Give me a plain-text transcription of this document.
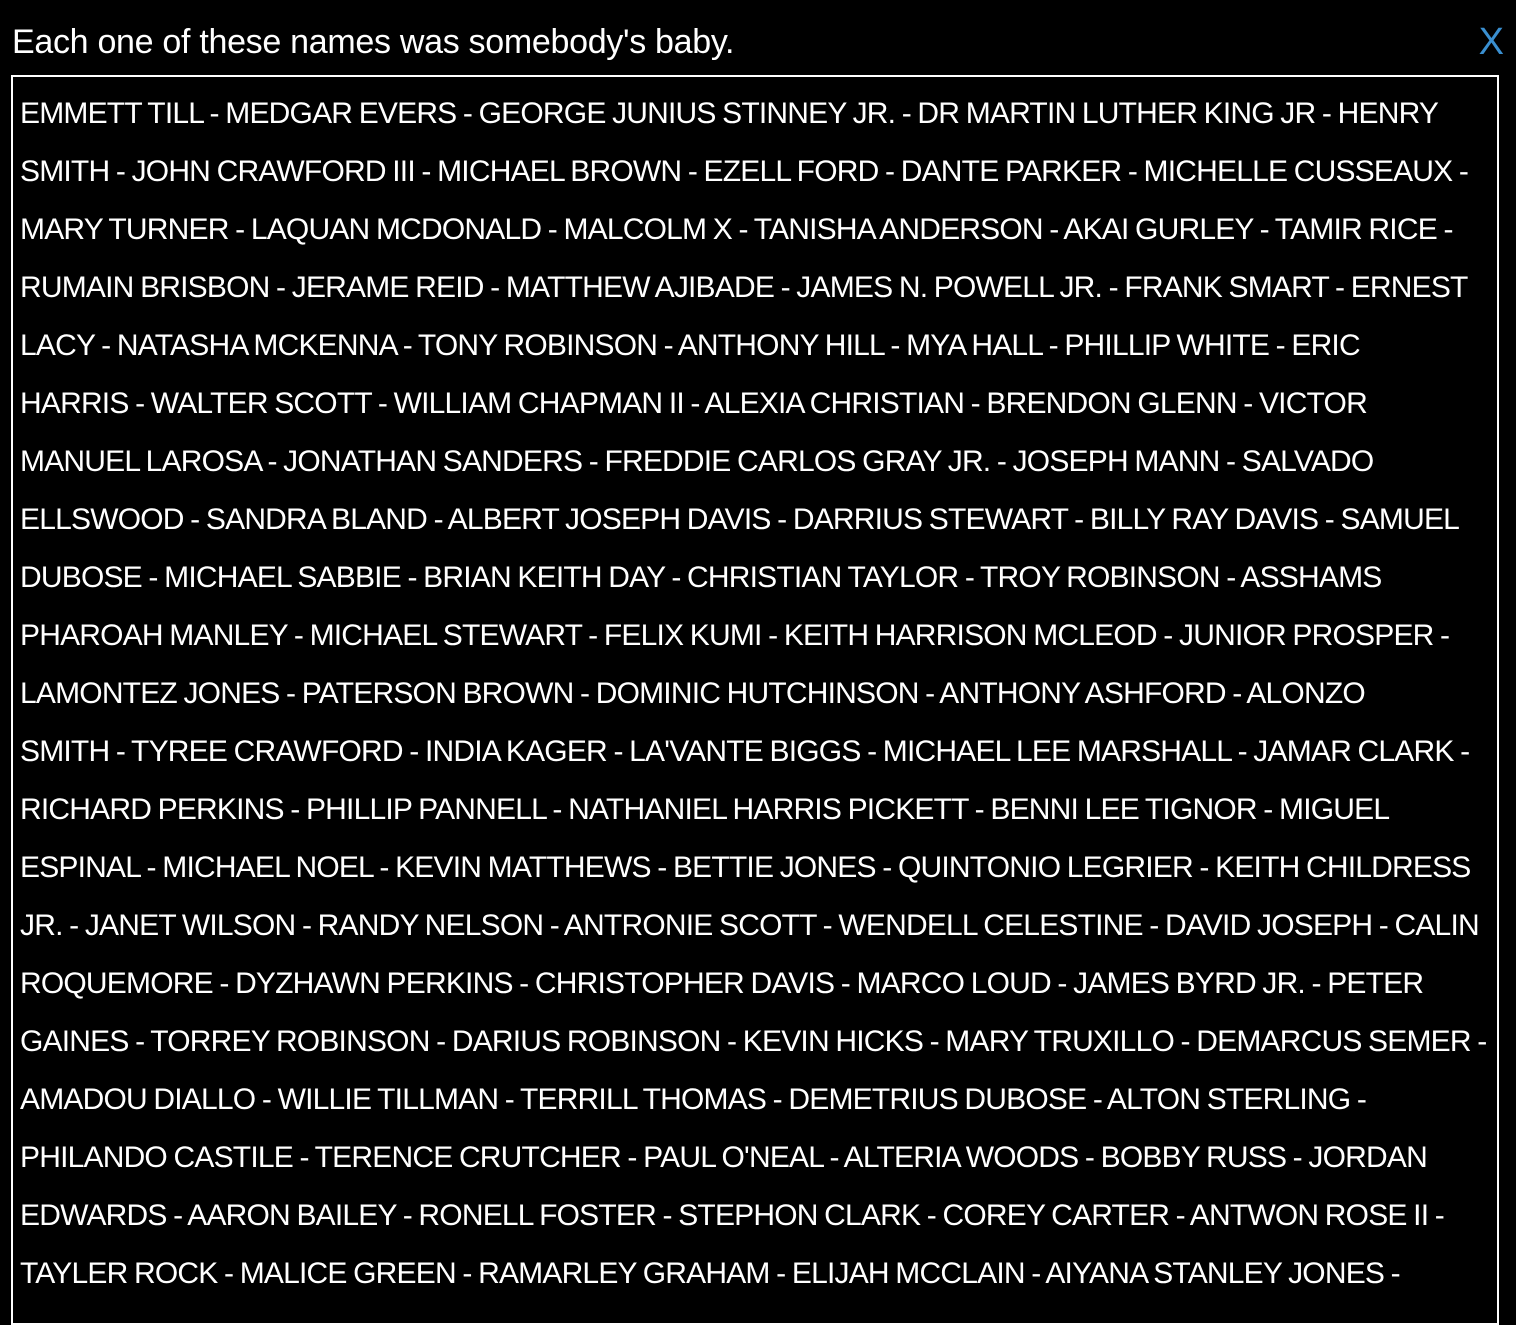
Each one of these names was somebody's baby.	X
EMMETT TILL - MEDGAR EVERS - GEORGE JUNIUS STINNEY JR. - DR MARTIN LUTHER KING JR - HENRY
SMITH - JOHN CRAWFORD III - MICHAEL BROWN - EZELL FORD - DANTE PARKER - MICHELLE CUSSEAUX -
MARY TURNER - LAQUAN MCDONALD - MALCOLM X - TANISHA ANDERSON - AKAI GURLEY - TAMIR RICE -
RUMAIN BRISBON - JERAME REID - MATTHEW AJIBADE - JAMES N. POWELL JR. - FRANK SMART - ERNEST
LACY - NATASHA MCKENNA - TONY ROBINSON - ANTHONY HILL - MYA HALL - PHILLIP WHITE - ERIC
HARRIS - WALTER SCOTT - WILLIAM CHAPMAN II - ALEXIA CHRISTIAN - BRENDON GLENN - VICTOR
MANUEL LAROSA - JONATHAN SANDERS - FREDDIE CARLOS GRAY JR. - JOSEPH MANN - SALVADO
ELLSWOOD - SANDRA BLAND - ALBERT JOSEPH DAVIS - DARRIUS STEWART - BILLY RAY DAVIS - SAMUEL
DUBOSE - MICHAEL SABBIE - BRIAN KEITH DAY - CHRISTIAN TAYLOR - TROY ROBINSON - ASSHAMS
PHAROAH MANLEY - MICHAEL STEWART - FELIX KUMI - KEITH HARRISON MCLEOD - JUNIOR PROSPER -
LAMONTEZ JONES - PATERSON BROWN - DOMINIC HUTCHINSON - ANTHONY ASHFORD - ALONZO
SMITH - TYREE CRAWFORD - INDIA KAGER - LA'VANTE BIGGS - MICHAEL LEE MARSHALL - JAMAR CLARK -
RICHARD PERKINS - PHILLIP PANNELL - NATHANIEL HARRIS PICKETT - BENNI LEE TIGNOR - MIGUEL
ESPINAL - MICHAEL NOEL - KEVIN MATTHEWS - BETTIE JONES - QUINTONIO LEGRIER - KEITH CHILDRESS
JR. - JANET WILSON - RANDY NELSON - ANTRONIE SCOTT - WENDELL CELESTINE - DAVID JOSEPH - CALIN
ROQUEMORE - DYZHAWN PERKINS - CHRISTOPHER DAVIS - MARCO LOUD - JAMES BYRD JR. - PETER
GAINES - TORREY ROBINSON - DARIUS ROBINSON - KEVIN HICKS - MARY TRUXILLO - DEMARCUS SEMER -
AMADOU DIALLO - WILLIE TILLMAN - TERRILL THOMAS - DEMETRIUS DUBOSE - ALTON STERLING -
PHILANDO CASTILE - TERENCE CRUTCHER - PAUL O'NEAL - ALTERIA WOODS - BOBBY RUSS - JORDAN
EDWARDS - AARON BAILEY - RONELL FOSTER - STEPHON CLARK - COREY CARTER - ANTWON ROSE II -
TAYLER ROCK - MALICE GREEN - RAMARLEY GRAHAM - ELIJAH MCCLAIN - AIYANA STANLEY JONES -
